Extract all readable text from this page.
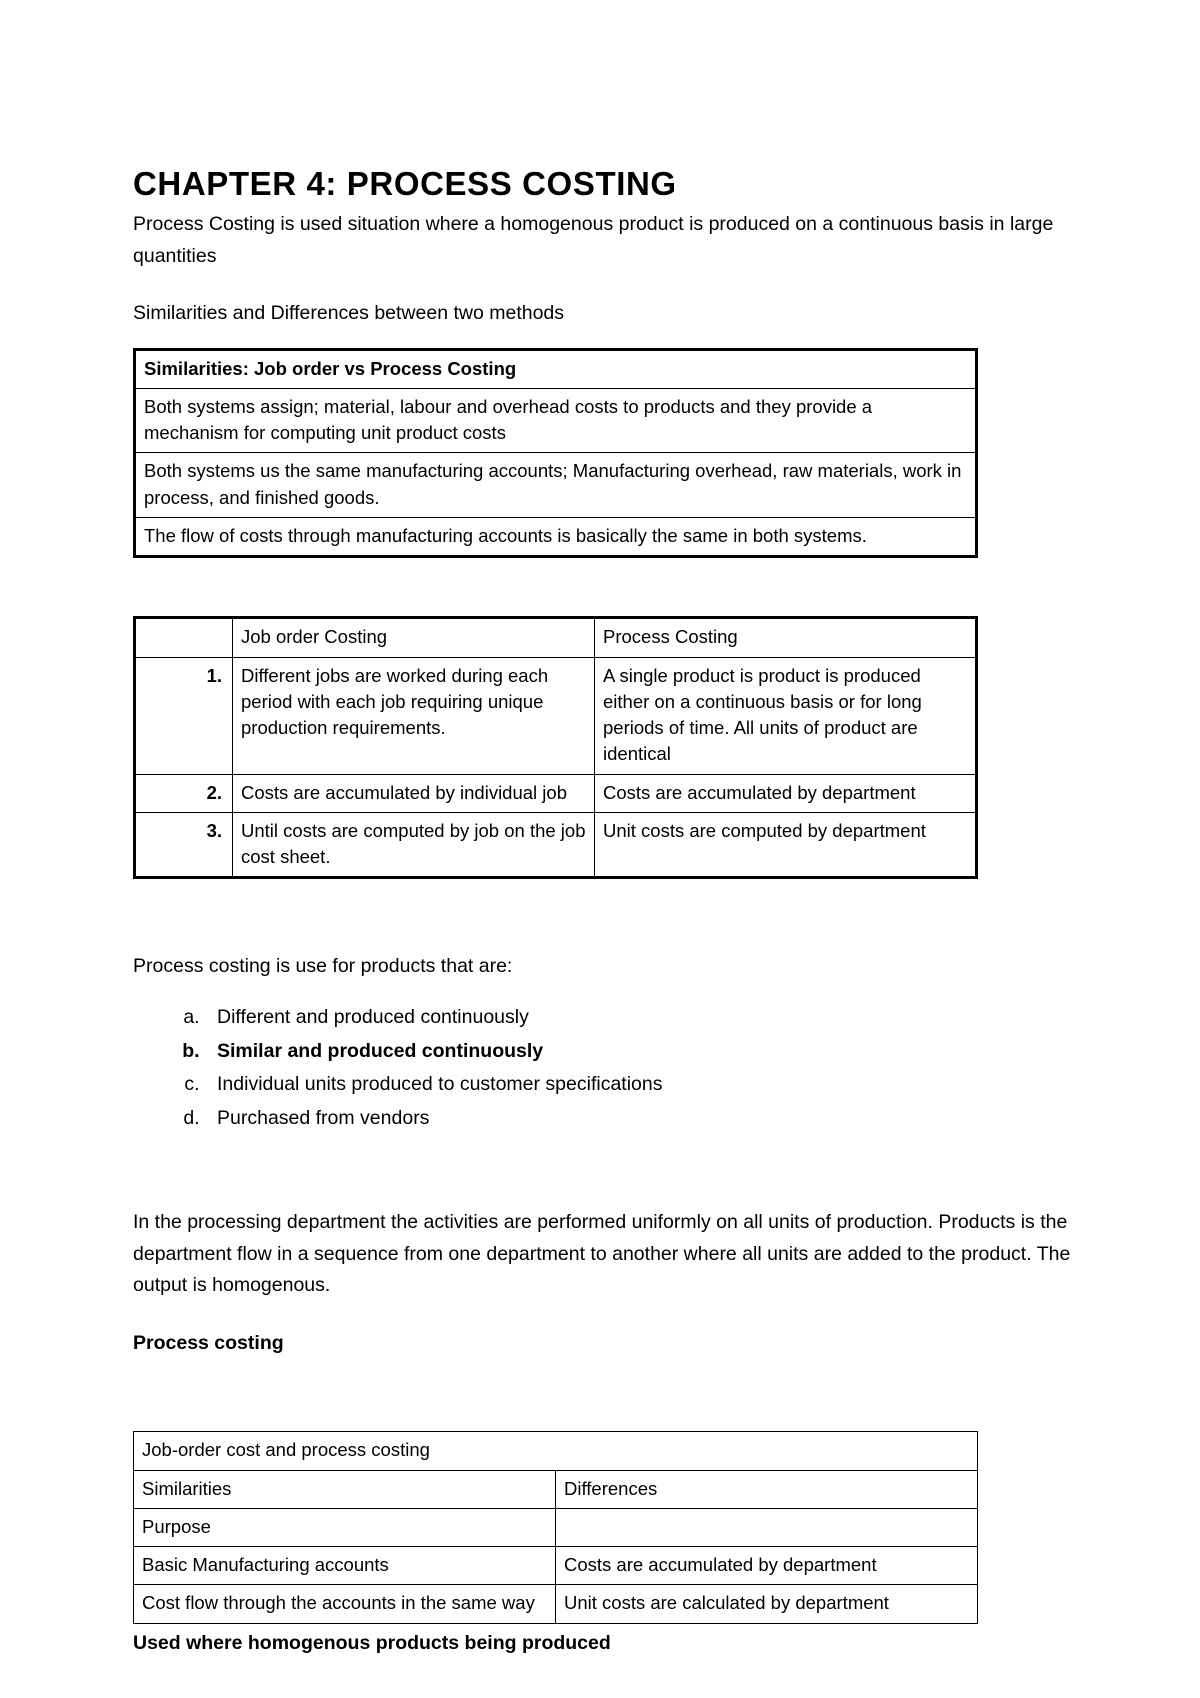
CHAPTER 4: PROCESS COSTING

Process Costing is used situation where a homogenous product is produced on a continuous basis in large quantities

Similarities and Differences between two methods

Similarities: Job order vs Process Costing
Both systems assign; material, labour and overhead costs to products and they provide a mechanism for computing unit product costs
Both systems us the same manufacturing accounts; Manufacturing overhead, raw materials, work in process, and finished goods.
The flow of costs through manufacturing accounts is basically the same in both systems.
	Job order Costing	Process Costing
1.	Different jobs are worked during each period with each job requiring unique production requirements.	A single product is product is produced either on a continuous basis or for long periods of time. All units of product are identical
2.	Costs are accumulated by individual job	Costs are accumulated by department
3.	Until costs are computed by job on the job cost sheet.	Unit costs are computed by department

Process costing is use for products that are:

a. Different and produced continuously
b. Similar and produced continuously
c. Individual units produced to customer specifications
d. Purchased from vendors

In the processing department the activities are performed uniformly on all units of production. Products is the department flow in a sequence from one department to another where all units are added to the product. The output is homogenous.

Process costing

Job-order cost and process costing	
Similarities	Differences
Purpose	
Basic Manufacturing accounts	Costs are accumulated by department
Cost flow through the accounts in the same way	Unit costs are calculated by department

Used where homogenous products being produced
